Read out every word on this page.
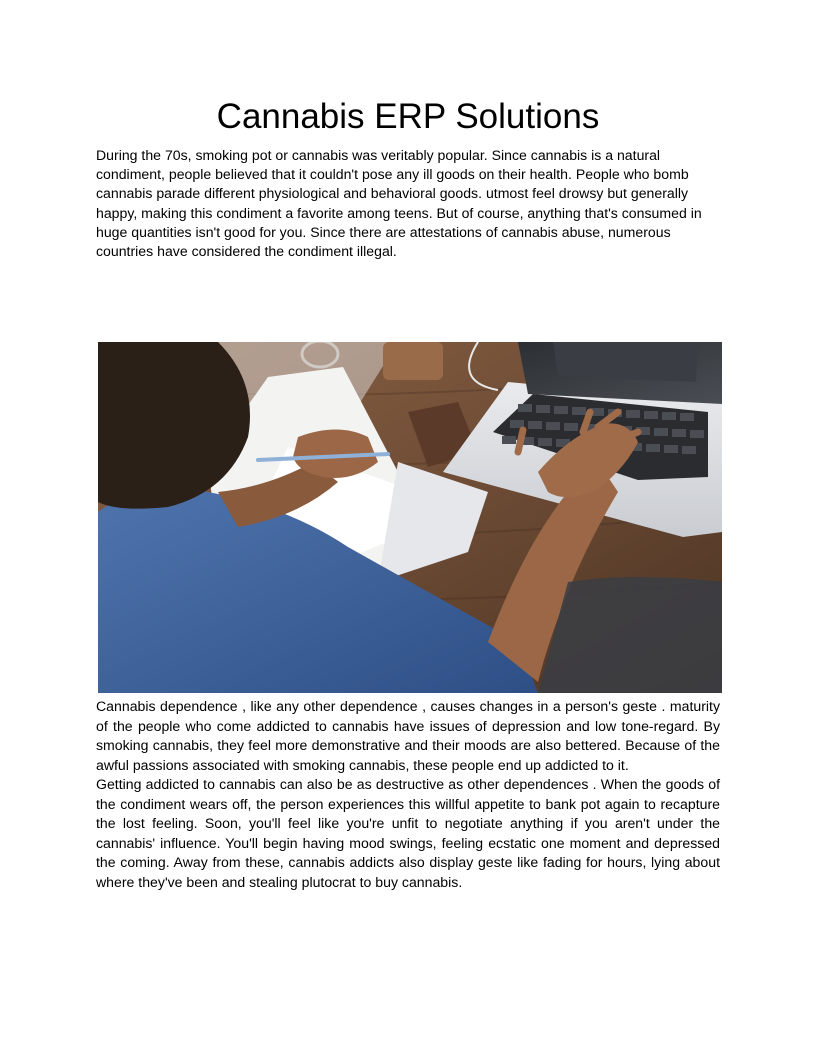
Cannabis ERP Solutions

During the 70s, smoking pot or cannabis was veritably popular. Since cannabis is a natural condiment, people believed that it couldn't pose any ill goods on their health. People who bomb cannabis parade different physiological and behavioral goods. utmost feel drowsy but generally happy, making this condiment a favorite among teens. But of course, anything that's consumed in huge quantities isn't good for you. Since there are attestations of cannabis abuse, numerous countries have considered the condiment illegal.

Cannabis dependence , like any other dependence , causes changes in a person's geste . maturity of the people who come addicted to cannabis have issues of depression and low tone-regard. By smoking cannabis, they feel more demonstrative and their moods are also bettered. Because of the awful passions associated with smoking cannabis, these people end up addicted to it.

Getting addicted to cannabis can also be as destructive as other dependences . When the goods of the condiment wears off, the person experiences this willful appetite to bank pot again to recapture the lost feeling. Soon, you'll feel like you're unfit to negotiate anything if you aren't under the cannabis' influence. You'll begin having mood swings, feeling ecstatic one moment and depressed the coming. Away from these, cannabis addicts also display geste like fading for hours, lying about where they've been and stealing plutocrat to buy cannabis.
